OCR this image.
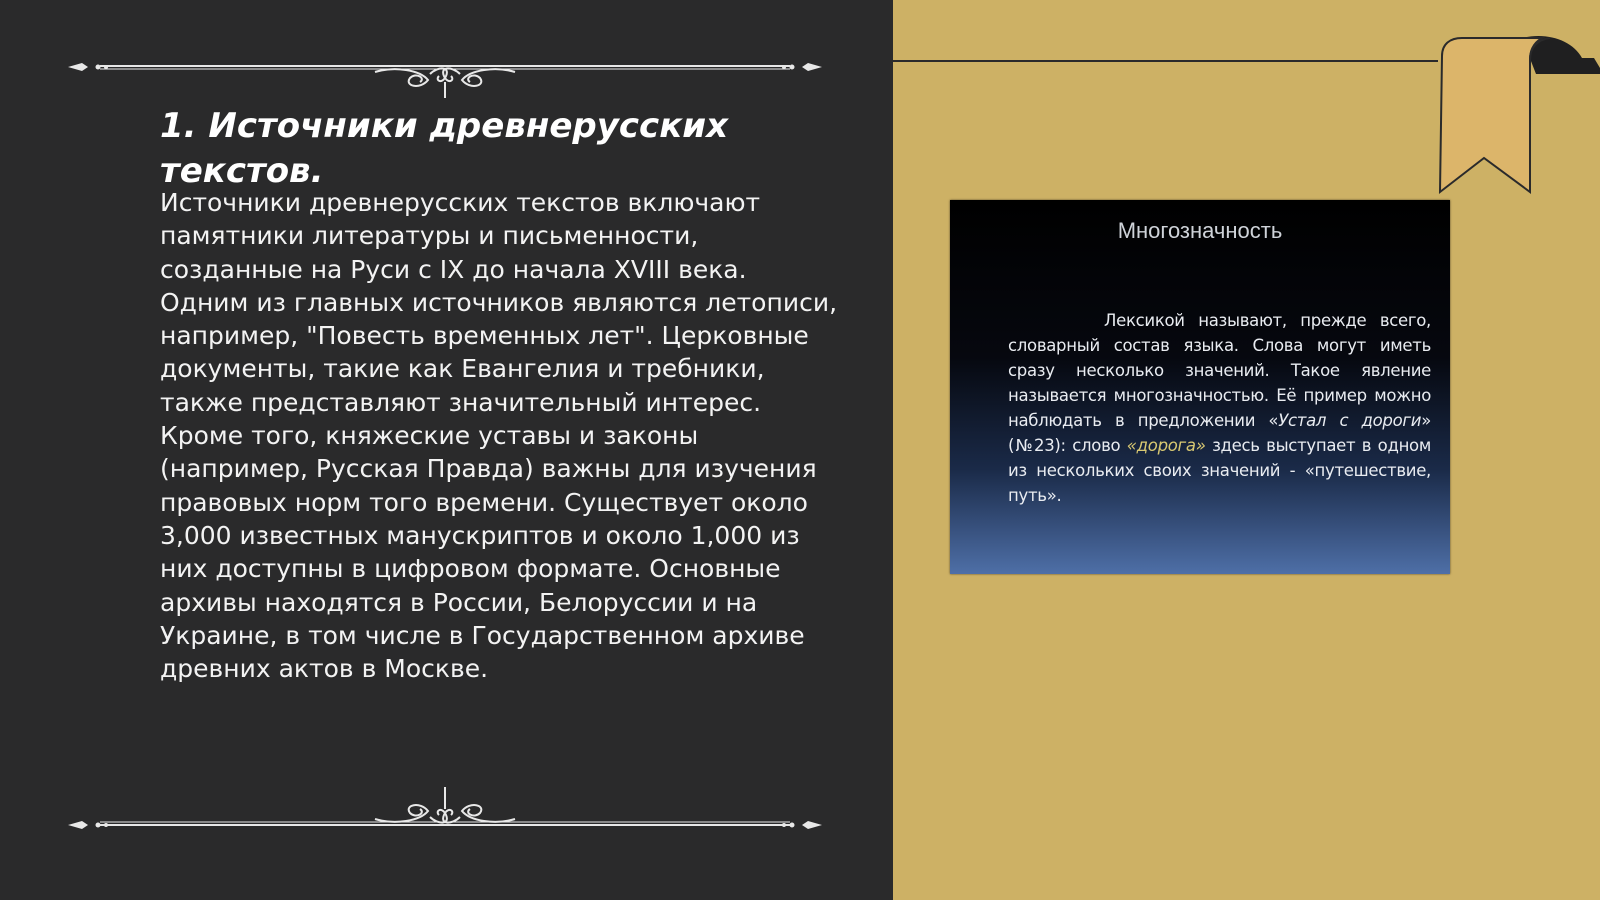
1. Источники древнерусских текстов.

Источники древнерусских текстов включают памятники литературы и письменности, созданные на Руси с IX до начала XVIII века. Одним из главных источников являются летописи, например, "Повесть временных лет". Церковные документы, такие как Евангелия и требники, также представляют значительный интерес. Кроме того, княжеские уставы и законы (например, Русская Правда) важны для изучения правовых норм того времени. Существует около 3,000 известных манускриптов и около 1,000 из них доступны в цифровом формате. Основные архивы находятся в России, Белоруссии и на Украине, в том числе в Государственном архиве древних актов в Москве.

Многозначность

Лексикой называют, прежде всего, словарный состав языка. Слова могут иметь сразу несколько значений. Такое явление называется многозначностью. Её пример можно наблюдать в предложении «Устал с дороги» (№23): слово «дорога» здесь выступает в одном из нескольких своих значений - «путешествие, путь».
